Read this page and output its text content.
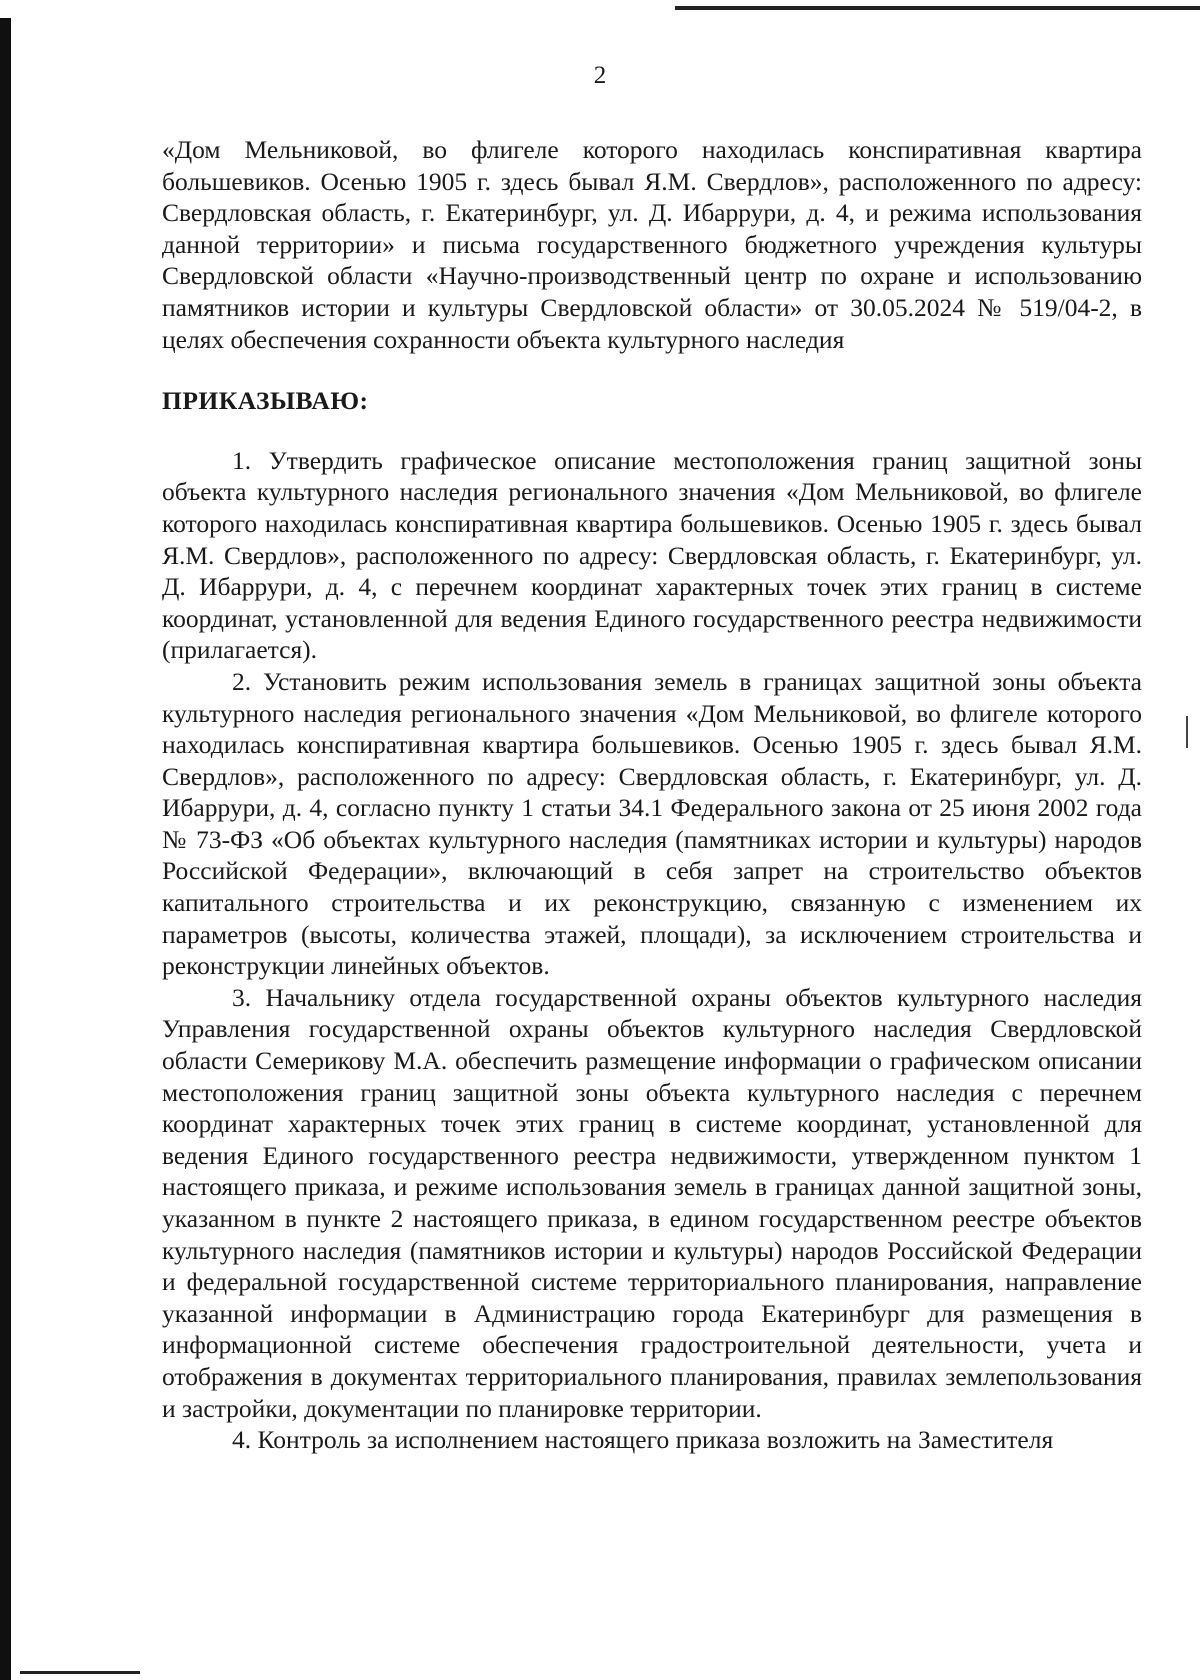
2

«Дом Мельниковой, во флигеле которого находилась конспиративная квартира большевиков. Осенью 1905 г. здесь бывал Я.М. Свердлов», расположенного по адресу: Свердловская область, г. Екатеринбург, ул. Д. Ибаррури, д. 4, и режима использования данной территории» и письма государственного бюджетного учреждения культуры Свердловской области «Научно-производственный центр по охране и использованию памятников истории и культуры Свердловской области» от 30.05.2024 № 519/04-2, в целях обеспечения сохранности объекта культурного наследия

ПРИКАЗЫВАЮ:

1. Утвердить графическое описание местоположения границ защитной зоны объекта культурного наследия регионального значения «Дом Мельниковой, во флигеле которого находилась конспиративная квартира большевиков. Осенью 1905 г. здесь бывал Я.М. Свердлов», расположенного по адресу: Свердловская область, г. Екатеринбург, ул. Д. Ибаррури, д. 4, с перечнем координат характерных точек этих границ в системе координат, установленной для ведения Единого государственного реестра недвижимости (прилагается).

2. Установить режим использования земель в границах защитной зоны объекта культурного наследия регионального значения «Дом Мельниковой, во флигеле которого находилась конспиративная квартира большевиков. Осенью 1905 г. здесь бывал Я.М. Свердлов», расположенного по адресу: Свердловская область, г. Екатеринбург, ул. Д. Ибаррури, д. 4, согласно пункту 1 статьи 34.1 Федерального закона от 25 июня 2002 года № 73-ФЗ «Об объектах культурного наследия (памятниках истории и культуры) народов Российской Федерации», включающий в себя запрет на строительство объектов капитального строительства и их реконструкцию, связанную с изменением их параметров (высоты, количества этажей, площади), за исключением строительства и реконструкции линейных объектов.

3. Начальнику отдела государственной охраны объектов культурного наследия Управления государственной охраны объектов культурного наследия Свердловской области Семерикову М.А. обеспечить размещение информации о графическом описании местоположения границ защитной зоны объекта культурного наследия с перечнем координат характерных точек этих границ в системе координат, установленной для ведения Единого государственного реестра недвижимости, утвержденном пунктом 1 настоящего приказа, и режиме использования земель в границах данной защитной зоны, указанном в пункте 2 настоящего приказа, в едином государственном реестре объектов культурного наследия (памятников истории и культуры) народов Российской Федерации и федеральной государственной системе территориального планирования, направление указанной информации в Администрацию города Екатеринбург для размещения в информационной системе обеспечения градостроительной деятельности, учета и отображения в документах территориального планирования, правилах землепользования и застройки, документации по планировке территории.

4. Контроль за исполнением настоящего приказа возложить на Заместителя
